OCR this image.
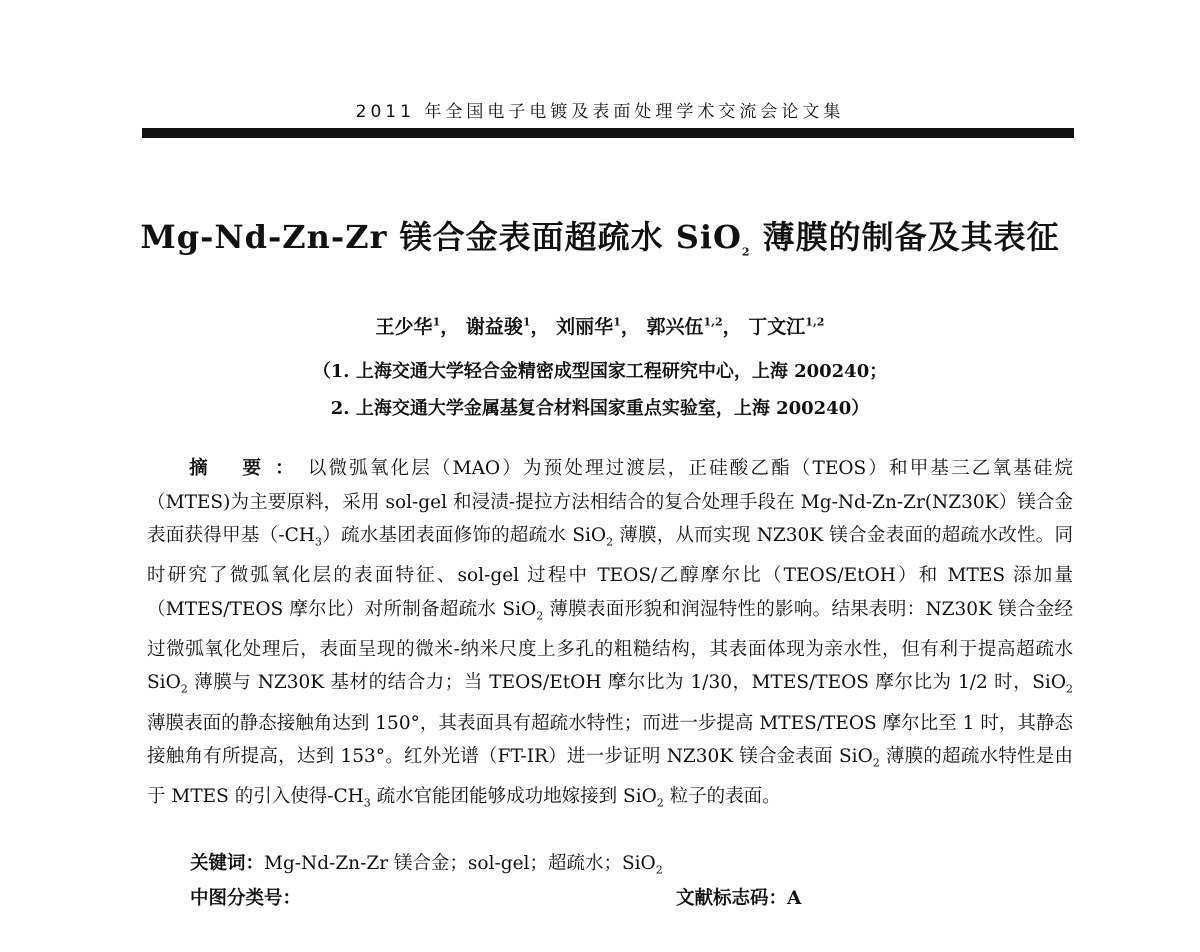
2011 年全国电子电镀及表面处理学术交流会论文集
Mg-Nd-Zn-Zr 镁合金表面超疏水 SiO$_2$ 薄膜的制备及其表征
王少华$^1$， 谢益骏$^1$， 刘丽华$^1$， 郭兴伍$^{1,2}$， 丁文江$^{1,2}$
（1. 上海交通大学轻合金精密成型国家工程研究中心，上海 200240；
2. 上海交通大学金属基复合材料国家重点实验室，上海 200240）
摘 要：以微弧氧化层（MAO）为预处理过渡层，正硅酸乙酯（TEOS）和甲基三乙氧基硅烷（MTES)为主要原料，采用 sol-gel 和浸渍-提拉方法相结合的复合处理手段在 Mg-Nd-Zn-Zr(NZ30K）镁合金表面获得甲基$(-CH_3)$疏水基团表面修饰的超疏水 SiO$_2$ 薄膜，从而实现 NZ30K 镁合金表面的超疏水改性。同时研究了微弧氧化层的表面特征、sol-gel 过程中 TEOS/乙醇摩尔比（TEOS/EtOH）和 MTES 添加量（MTES/TEOS 摩尔比）对所制备超疏水 SiO$_2$ 薄膜表面形貌和润湿特性的影响。结果表明：NZ30K 镁合金经过微弧氧化处理后，表面呈现的微米-纳米尺度上多孔的粗糙结构，其表面体现为亲水性，但有利于提高超疏水 SiO$_2$ 薄膜与 NZ30K 基材的结合力；当 TEOS/EtOH 摩尔比为 1/30，MTES/TEOS 摩尔比为 1/2 时，SiO$_2$ 薄膜表面的静态接触角达到 150°，其表面具有超疏水特性；而进一步提高 MTES/TEOS 摩尔比至 1 时，其静态接触角有所提高，达到 153°。红外光谱（FT-IR）进一步证明 NZ30K 镁合金表面 SiO$_2$ 薄膜的超疏水特性是由于 MTES 的引入使得$-CH_3$ 疏水官能团能够成功地嫁接到 SiO$_2$ 粒子的表面。
关键词：Mg-Nd-Zn-Zr 镁合金；sol-gel；超疏水；SiO$_2$
中图分类号：	文献标志码：A
